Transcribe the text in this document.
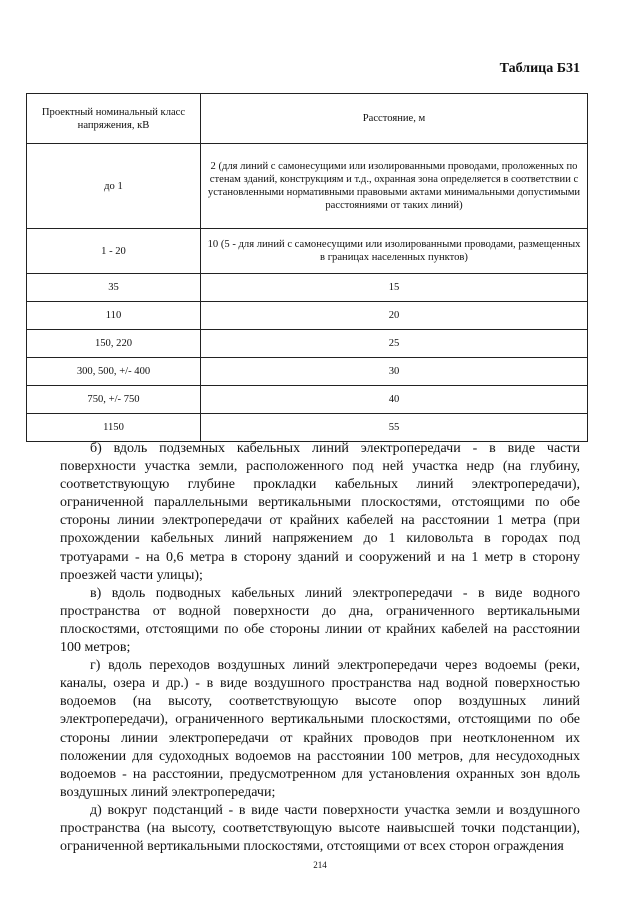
Таблица Б31
Проектный номинальный класс напряжения, кВ	Расстояние, м
до 1	2 (для линий с самонесущими или изолированными проводами, проложенных по стенам зданий, конструкциям и т.д., охранная зона определяется в соответствии с установленными нормативными правовыми актами минимальными допустимыми расстояниями от таких линий)
1 - 20	10 (5 - для линий с самонесущими или изолированными проводами, размещенных в границах населенных пунктов)
35	15
110	20
150, 220	25
300, 500, +/- 400	30
750, +/- 750	40
1150	55

б) вдоль подземных кабельных линий электропередачи - в виде части поверхности участка земли, расположенного под ней участка недр (на глубину, соответствующую глубине прокладки кабельных линий электропередачи), ограниченной параллельными вертикальными плоскостями, отстоящими по обе стороны линии электропередачи от крайних кабелей на расстоянии 1 метра (при прохождении кабельных линий напряжением до 1 киловольта в городах под тротуарами - на 0,6 метра в сторону зданий и сооружений и на 1 метр в сторону проезжей части улицы);

в) вдоль подводных кабельных линий электропередачи - в виде водного пространства от водной поверхности до дна, ограниченного вертикальными плоскостями, отстоящими по обе стороны линии от крайних кабелей на расстоянии 100 метров;

г) вдоль переходов воздушных линий электропередачи через водоемы (реки, каналы, озера и др.) - в виде воздушного пространства над водной поверхностью водоемов (на высоту, соответствующую высоте опор воздушных линий электропередачи), ограниченного вертикальными плоскостями, отстоящими по обе стороны линии электропередачи от крайних проводов при неотклоненном их положении для судоходных водоемов на расстоянии 100 метров, для несудоходных водоемов - на расстоянии, предусмотренном для установления охранных зон вдоль воздушных линий электропередачи;

д) вокруг подстанций - в виде части поверхности участка земли и воздушного пространства (на высоту, соответствующую высоте наивысшей точки подстанции), ограниченной вертикальными плоскостями, отстоящими от всех сторон ограждения

214
